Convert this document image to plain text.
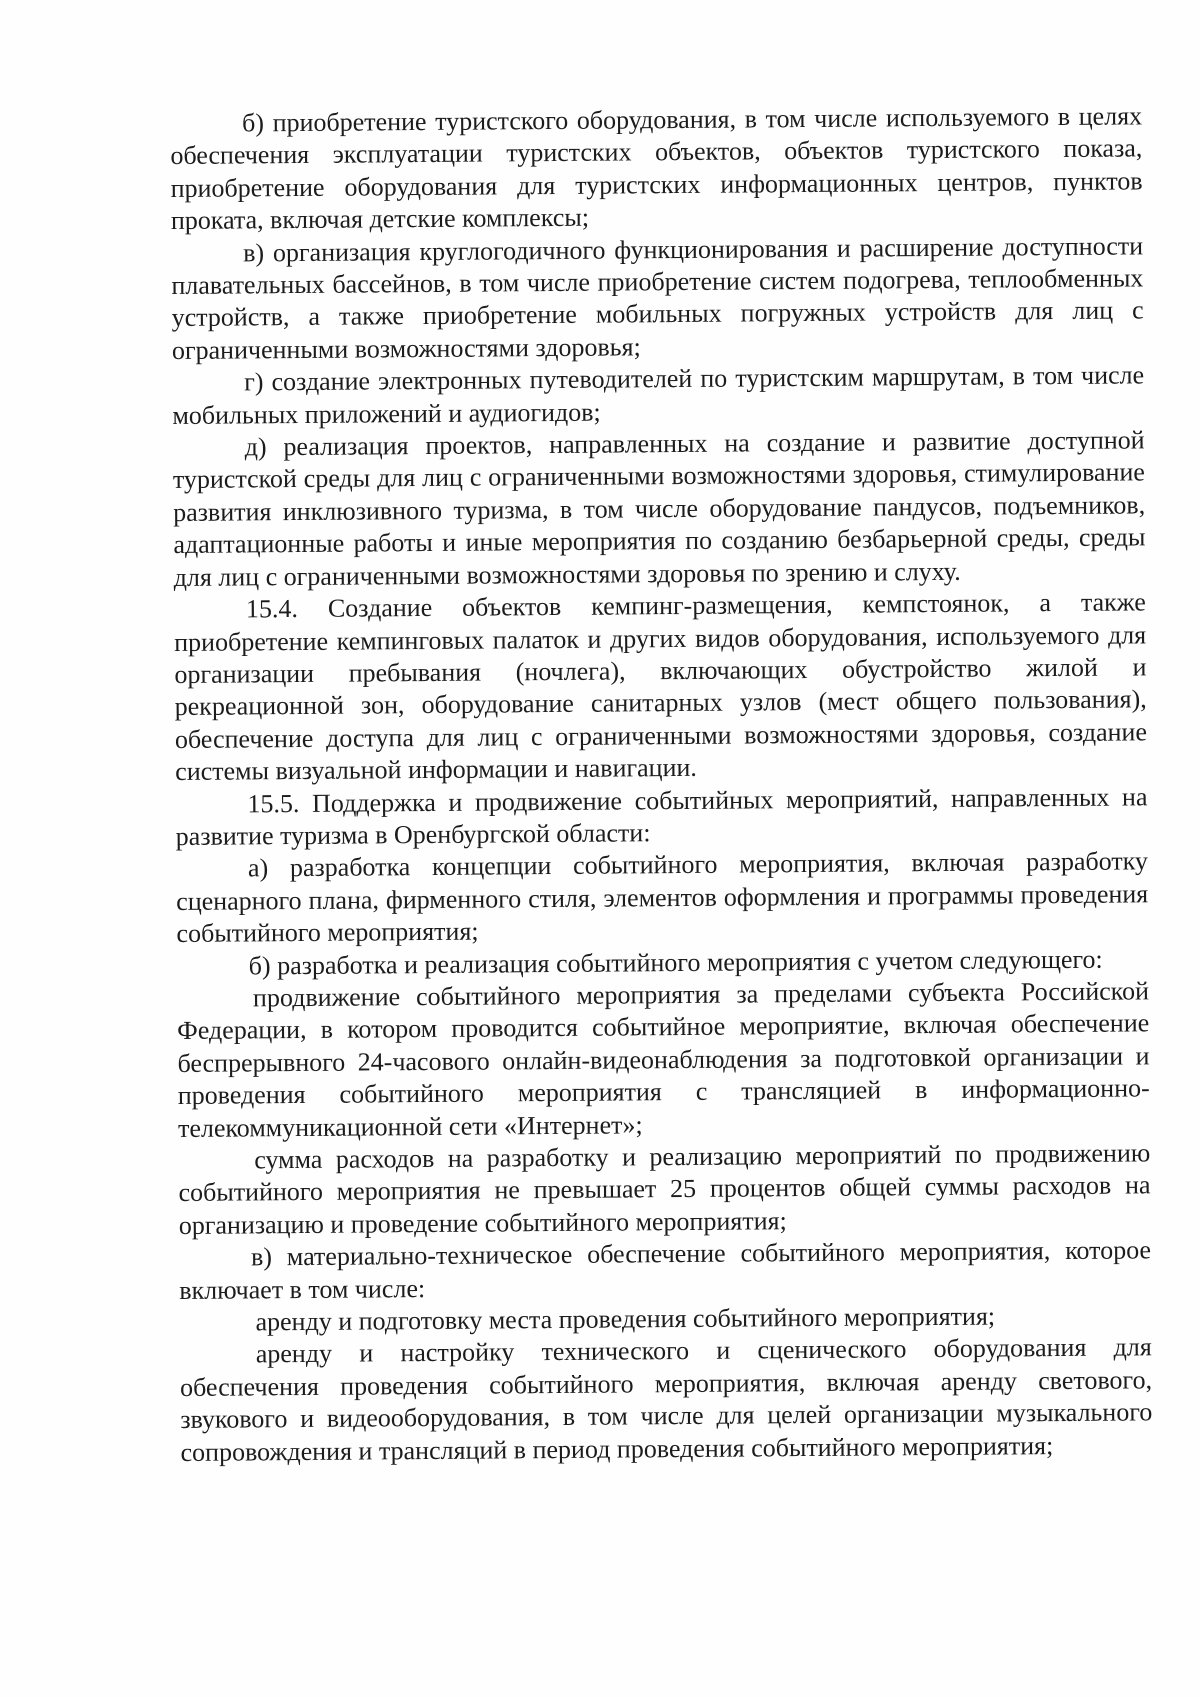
б) приобретение туристского оборудования, в том числе используемого в целях обеспечения эксплуатации туристских объектов, объектов туристского показа, приобретение оборудования для туристских информационных центров, пунктов проката, включая детские комплексы;

в) организация круглогодичного функционирования и расширение доступности плавательных бассейнов, в том числе приобретение систем подогрева, теплообменных устройств, а также приобретение мобильных погружных устройств для лиц с ограниченными возможностями здоровья;

г) создание электронных путеводителей по туристским маршрутам, в том числе мобильных приложений и аудиогидов;

д) реализация проектов, направленных на создание и развитие доступной туристской среды для лиц с ограниченными возможностями здоровья, стимулирование развития инклюзивного туризма, в том числе оборудование пандусов, подъемников, адаптационные работы и иные мероприятия по созданию безбарьерной среды, среды для лиц с ограниченными возможностями здоровья по зрению и слуху.

15.4. Создание объектов кемпинг-размещения, кемпстоянок, а также приобретение кемпинговых палаток и других видов оборудования, используемого для организации пребывания (ночлега), включающих обустройство жилой и рекреационной зон, оборудование санитарных узлов (мест общего пользования), обеспечение доступа для лиц с ограниченными возможностями здоровья, создание системы визуальной информации и навигации.

15.5. Поддержка и продвижение событийных мероприятий, направленных на развитие туризма в Оренбургской области:

а) разработка концепции событийного мероприятия, включая разработку сценарного плана, фирменного стиля, элементов оформления и программы проведения событийного мероприятия;

б) разработка и реализация событийного мероприятия с учетом следующего:

продвижение событийного мероприятия за пределами субъекта Российской Федерации, в котором проводится событийное мероприятие, включая обеспечение беспрерывного 24-часового онлайн-видеонаблюдения за подготовкой организации и проведения событийного мероприятия с трансляцией в информационно-телекоммуникационной сети «Интернет»;

сумма расходов на разработку и реализацию мероприятий по продвижению событийного мероприятия не превышает 25 процентов общей суммы расходов на организацию и проведение событийного мероприятия;

в) материально-техническое обеспечение событийного мероприятия, которое включает в том числе:

аренду и подготовку места проведения событийного мероприятия;

аренду и настройку технического и сценического оборудования для обеспечения проведения событийного мероприятия, включая аренду светового, звукового и видеооборудования, в том числе для целей организации музыкального сопровождения и трансляций в период проведения событийного мероприятия;
